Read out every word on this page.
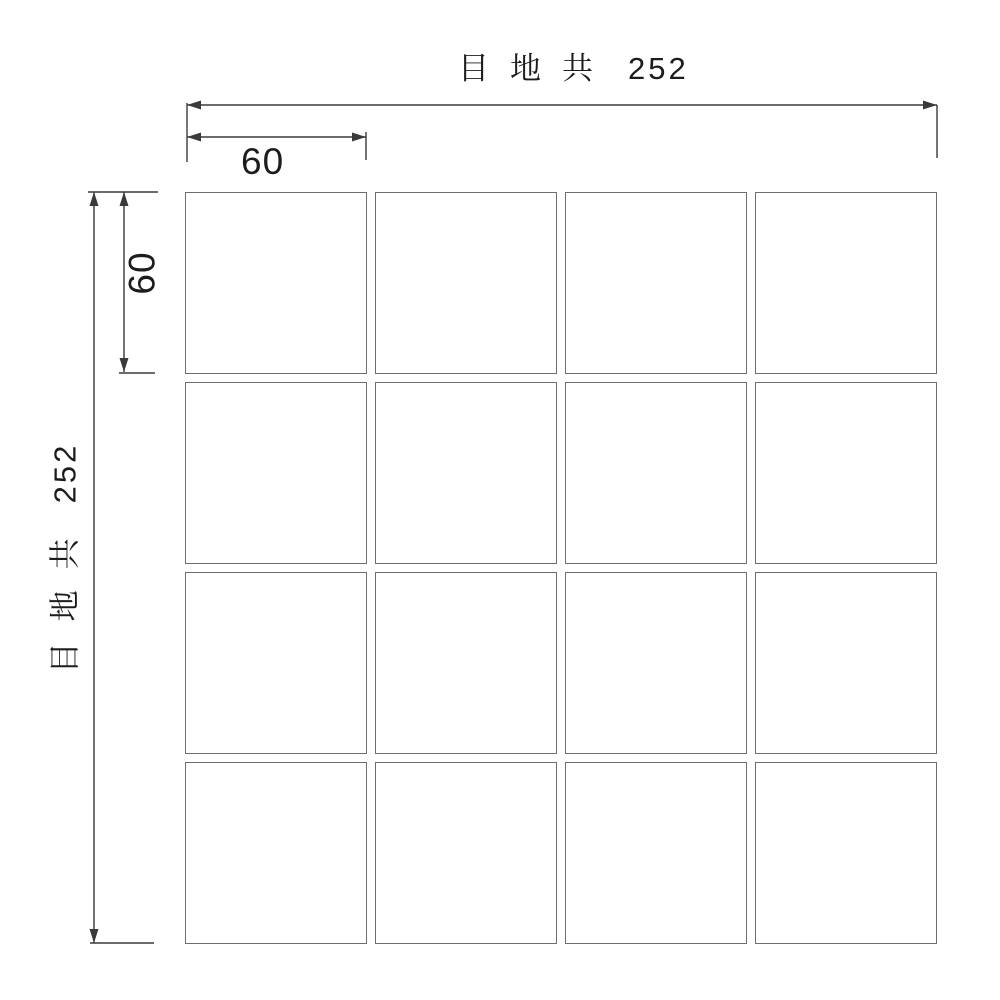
目地共 252
60
目地共252
60
